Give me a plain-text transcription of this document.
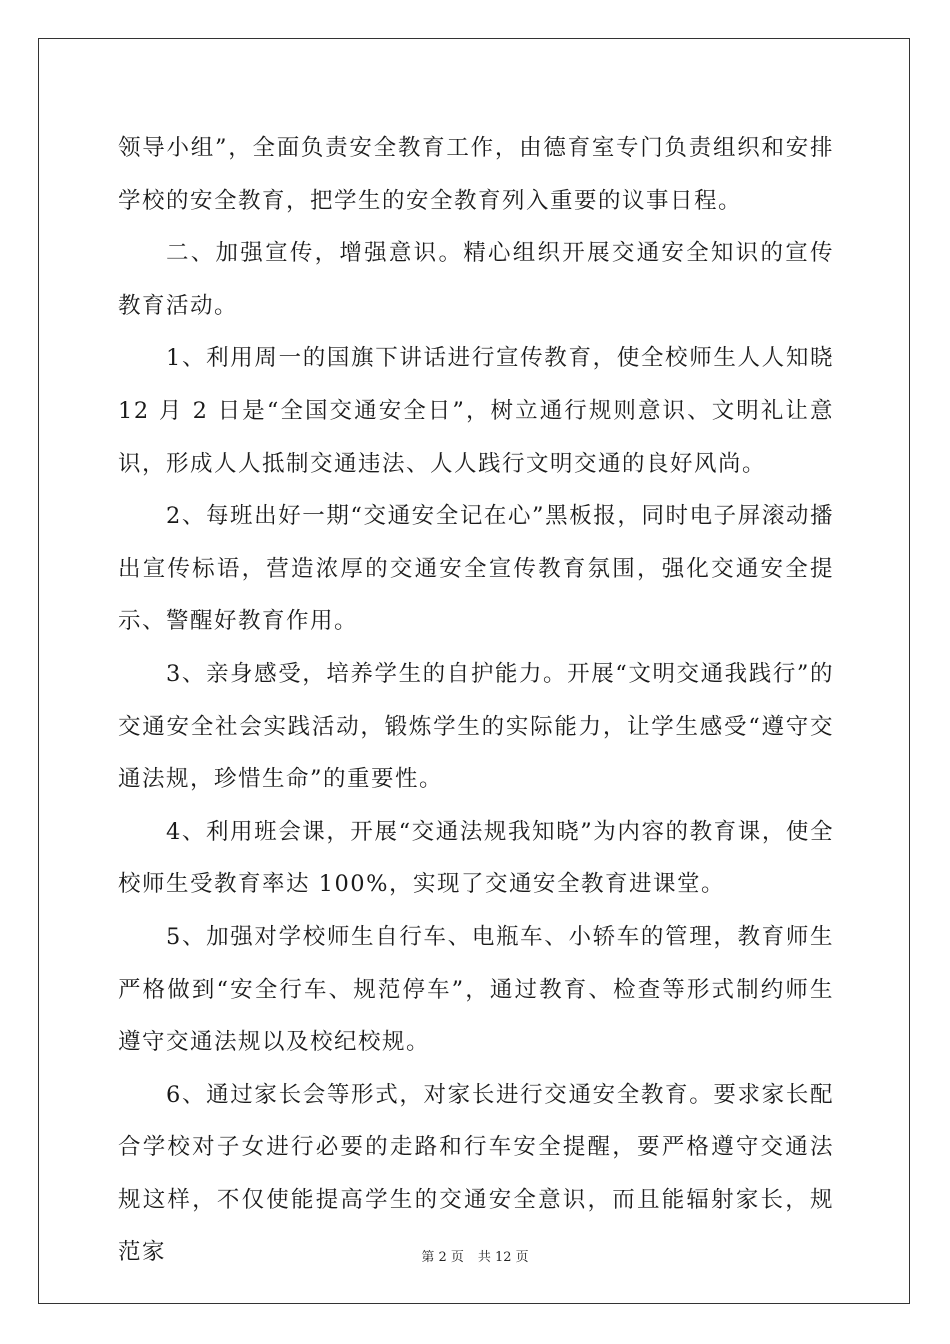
领导小组”，全面负责安全教育工作，由德育室专门负责组织和安排学校的安全教育，把学生的安全教育列入重要的议事日程。

二、加强宣传，增强意识。精心组织开展交通安全知识的宣传教育活动。

1、利用周一的国旗下讲话进行宣传教育，使全校师生人人知晓 12 月 2 日是“全国交通安全日”，树立通行规则意识、文明礼让意识，形成人人抵制交通违法、人人践行文明交通的良好风尚。

2、每班出好一期“交通安全记在心”黑板报，同时电子屏滚动播出宣传标语，营造浓厚的交通安全宣传教育氛围，强化交通安全提示、警醒好教育作用。

3、亲身感受，培养学生的自护能力。开展“文明交通我践行”的交通安全社会实践活动，锻炼学生的实际能力，让学生感受“遵守交通法规，珍惜生命”的重要性。

4、利用班会课，开展“交通法规我知晓”为内容的教育课，使全校师生受教育率达 100%，实现了交通安全教育进课堂。

5、加强对学校师生自行车、电瓶车、小轿车的管理，教育师生严格做到“安全行车、规范停车”，通过教育、检查等形式制约师生遵守交通法规以及校纪校规。

6、通过家长会等形式，对家长进行交通安全教育。要求家长配合学校对子女进行必要的走路和行车安全提醒，要严格遵守交通法规这样，不仅使能提高学生的交通安全意识，而且能辐射家长，规范家	第 2 页 共 12 页
